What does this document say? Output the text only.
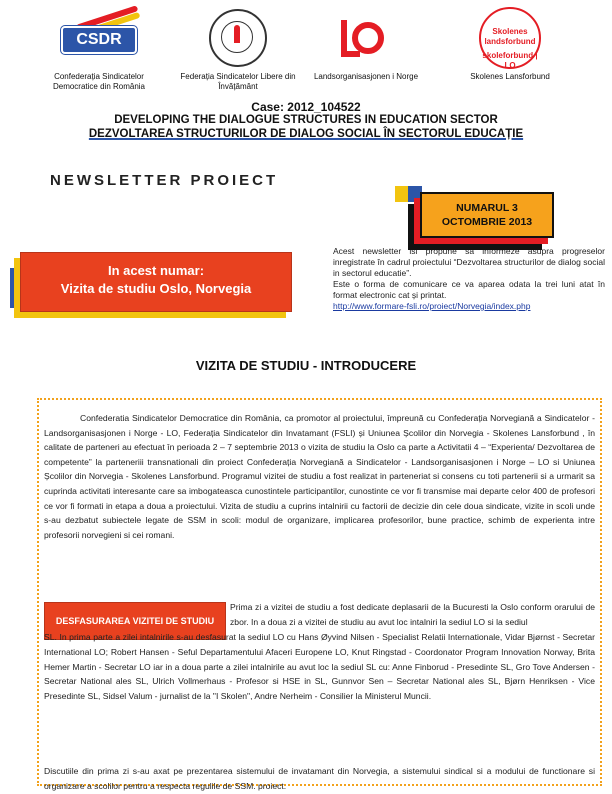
CSDR
Confederația Sindicatelor Democratice din România
Federația Sindicatelor Libere din Învățământ
Landsorganisasjonen i Norge
Skolenes landsforbund
skoleforbund | LO
Skolenes Lansforbund
Case: 2012_104522
DEVELOPING THE DIALOGUE STRUCTURES IN EDUCATION SECTOR
DEZVOLTAREA STRUCTURILOR DE DIALOG SOCIAL ÎN SECTORUL EDUCAȚIE
NEWSLETTER PROIECT
NUMARUL 3
OCTOMBRIE 2013
In acest numar:
Vizita de studiu Oslo, Norvegia
Acest newsletter isi propune sa informeze asupra progreselor inregistrate în cadrul proiectului “Dezvoltarea structurilor de dialog social in sectorul educatie”.
Este o forma de comunicare ce va aparea odata la trei luni atat în format electronic cat și printat.
http://www.formare-fsli.ro/proiect/Norvegia/index.php
VIZITA DE STUDIU - INTRODUCERE
Confederatia Sindicatelor Democratice din România, ca promotor al proiectului, împreună cu Confederația Norvegiană a Sindicatelor - Landsorganisasjonen i Norge - LO, Federația Sindicatelor din Invatamant (FSLI) și Uniunea Școlilor din Norvegia - Skolenes Lansforbund , în calitate de parteneri au efectuat în perioada 2 – 7 septembrie 2013 o vizita de studiu la Oslo ca parte a Activitatii 4 – “Experienta/ Dezvoltarea de competente” la parteneriii transnationali din proiect Confederația Norvegiană a Sindicatelor - Landsorganisasjonen i Norge – LO si Uniunea Școlilor din Norvegia - Skolenes Lansforbund. Programul vizitei de studiu a fost realizat in parteneriat si consens cu toti partenerii si a urmarit sa cuprinda activitati interesante care sa imbogateasca cunostintele participantilor, cunostinte ce vor fi transmise mai departe celor 400 de profesori ce vor fi formati in etapa a doua a proiectului. Vizita de studiu a cuprins intalnirii cu factorii de decizie din cele doua sindicate, vizite in scoli unde s-au dezbatut subiectele legate de SSM in scoli: modul de organizare, implicarea profesorilor, bune practice, schimb de experienta intre profesorii norvegieni si cei romani.
DESFASURAREA VIZITEI DE STUDIU
Prima zi a vizitei de studiu a fost dedicate deplasarii de la Bucuresti la Oslo conform orarului de zbor. In a doua zi a vizitei de studiu au avut loc intalniri la sediul LO si la sediul
SL. In prima parte a zilei intalnirile s-au desfasurat la sediul LO cu Hans Øyvind Nilsen - Specialist Relatii Internationale, Vidar Bjørnst - Secretar International LO; Robert Hansen - Seful Departamentului Afaceri Europene LO, Knut Ringstad - Coordonator Program Innovation Norway, Brita Hemer Martin - Secretar LO iar in a doua parte a zilei intalnirile au avut loc la sediul SL cu: Anne Finborud - Presedinte SL, Gro Tove Andersen - Secretar National ales SL, Ulrich Vollmerhaus - Profesor si HSE in SL, Gunnvor Sen – Secretar National ales SL, Bjørn Henriksen - Vice Presedinte SL, Sidsel Valum - jurnalist de la "I Skolen", Andre Nerheim - Consilier la Ministerul Muncii.
Discutiile din prima zi s-au axat pe prezentarea sistemului de invatamant din Norvegia, a sistemului sindical si a modului de functionare si organizare a scolilor pentru a respecta regulile de SSM. proiect.
